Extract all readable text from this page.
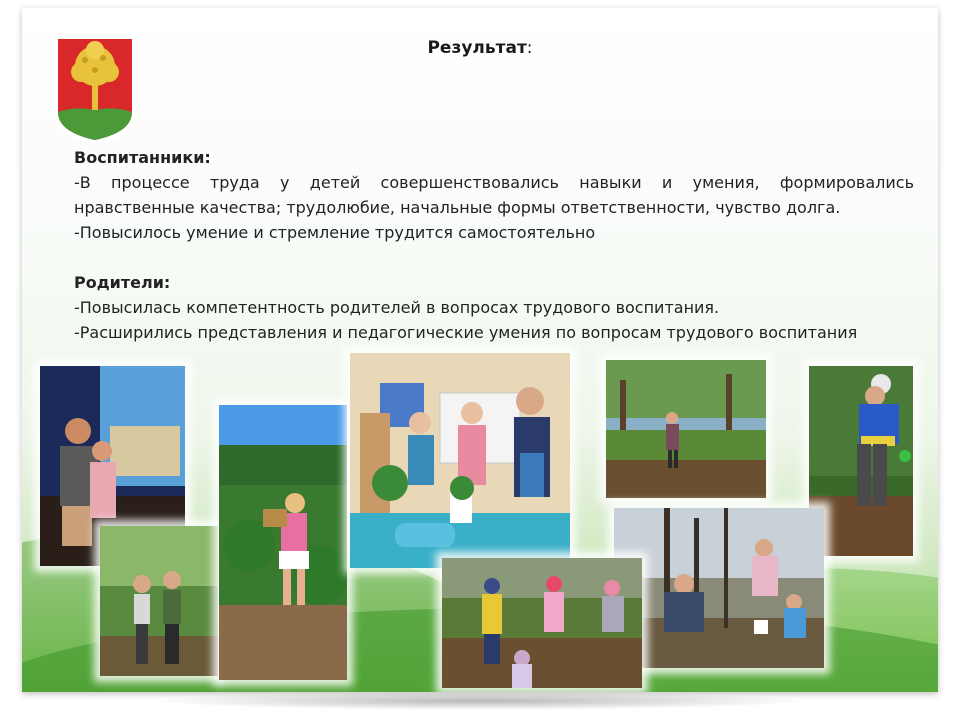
Результат:
Воспитанники:
-В процессе труда у детей совершенствовались навыки и умения, формировались
нравственные качества; трудолюбие, начальные формы ответственности, чувство долга.
-Повысилось умение и стремление трудится самостоятельно
Родители:
-Повысилась компетентность родителей в вопросах трудового воспитания.
-Расширились представления и педагогические умения по вопросам трудового воспитания
